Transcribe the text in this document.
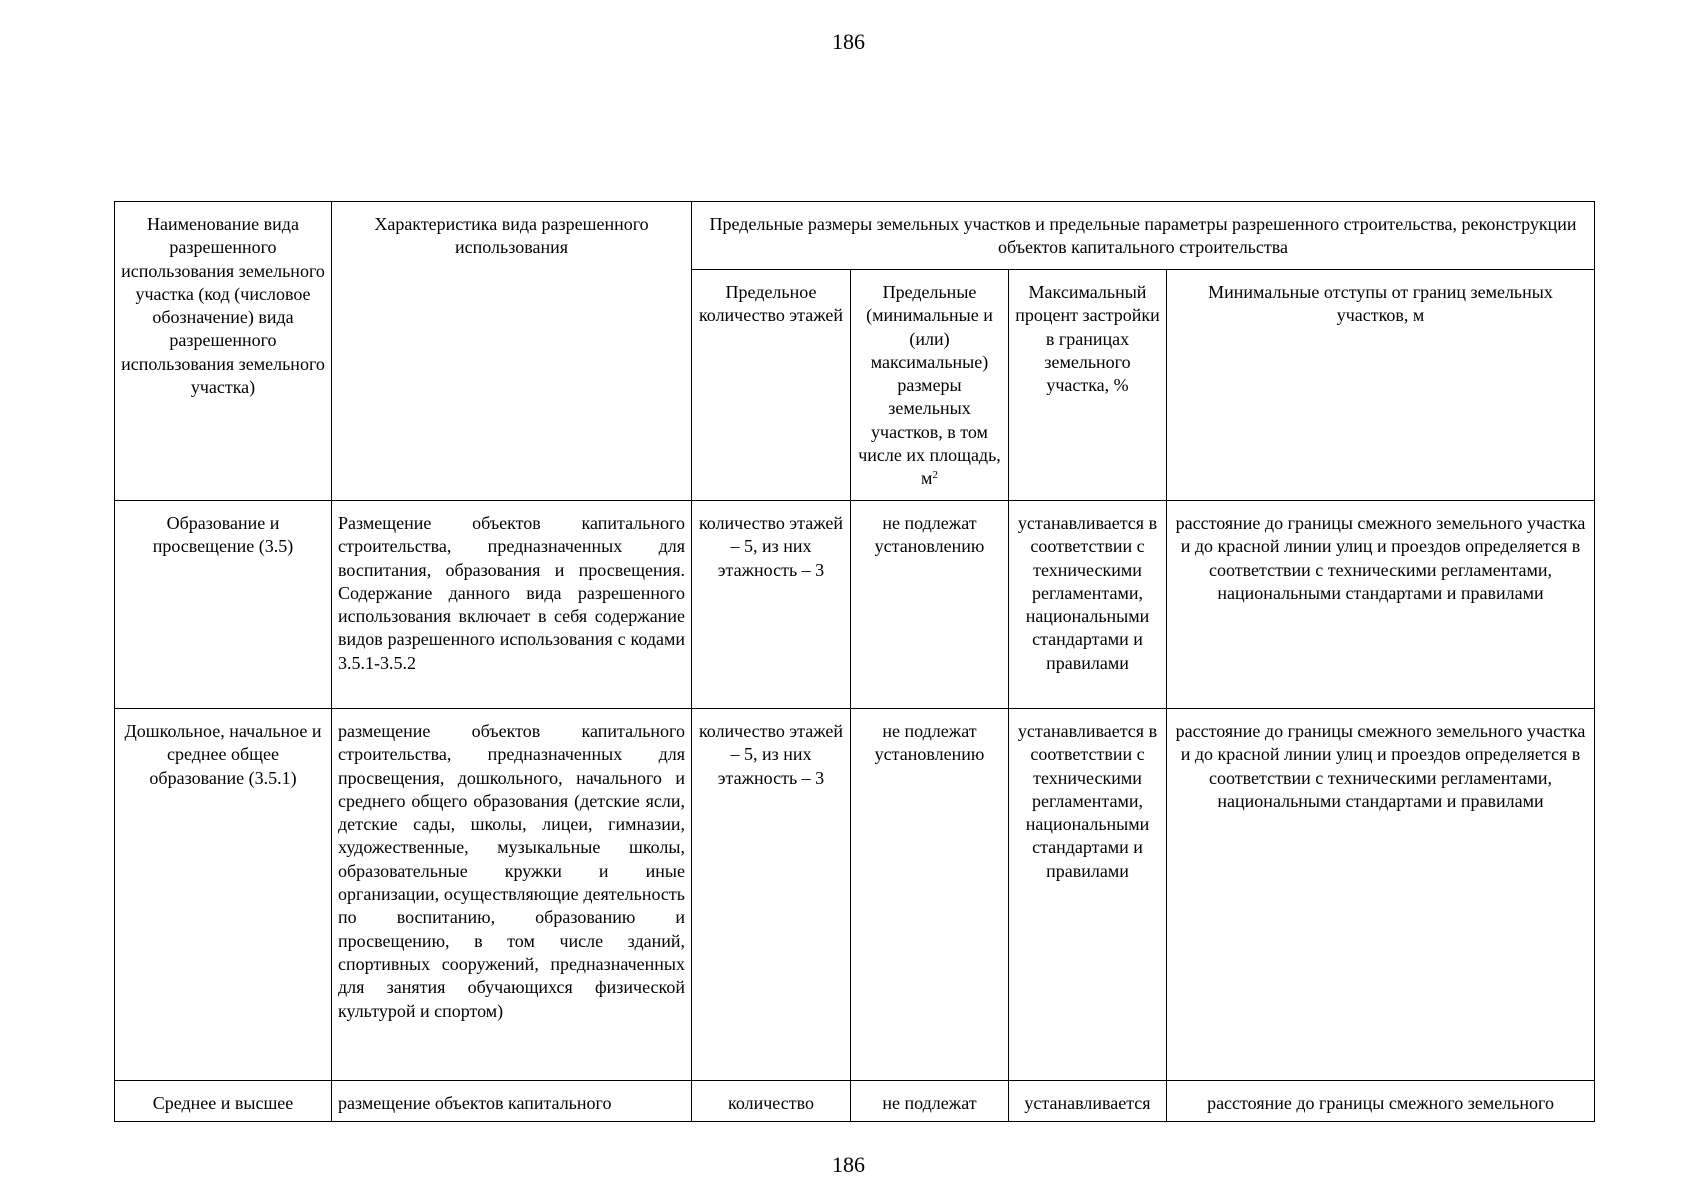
186
Наименование вида разрешенного использования земельного участка (код (числовое обозначение) вида разрешенного использования земельного участка)	Характеристика вида разрешенного использования	Предельные размеры земельных участков и предельные параметры разрешенного строительства, реконструкции объектов капитального строительства			
		Предельное количество этажей	Предельные (минимальные и (или) максимальные) размеры земельных участков, в том числе их площадь, $м^2$	Максимальный процент застройки в границах земельного участка, %	Минимальные отступы от границ земельных участков, м
Образование и просвещение (3.5)	Размещение объектов капитального строительства, предназначенных для воспитания, образования и просвещения. Содержание данного вида разрешенного использования включает в себя содержание видов разрешенного использования с кодами 3.5.1-3.5.2	количество этажей – 5, из них этажность – 3	не подлежат установлению	устанавливается в соответствии с техническими регламентами, национальными стандартами и правилами	расстояние до границы смежного земельного участка и до красной линии улиц и проездов определяется в соответствии с техническими регламентами, национальными стандартами и правилами
Дошкольное, начальное и среднее общее образование (3.5.1)	размещение объектов капитального строительства, предназначенных для просвещения, дошкольного, начального и среднего общего образования (детские ясли, детские сады, школы, лицеи, гимназии, художественные, музыкальные школы, образовательные кружки и иные организации, осуществляющие деятельность по воспитанию, образованию и просвещению, в том числе зданий, спортивных сооружений, предназначенных для занятия обучающихся физической культурой и спортом)	количество этажей – 5, из них этажность – 3	не подлежат установлению	устанавливается в соответствии с техническими регламентами, национальными стандартами и правилами	расстояние до границы смежного земельного участка и до красной линии улиц и проездов определяется в соответствии с техническими регламентами, национальными стандартами и правилами
Среднее и высшее	размещение объектов капитального	количество	не подлежат	устанавливается	расстояние до границы смежного земельного
186
